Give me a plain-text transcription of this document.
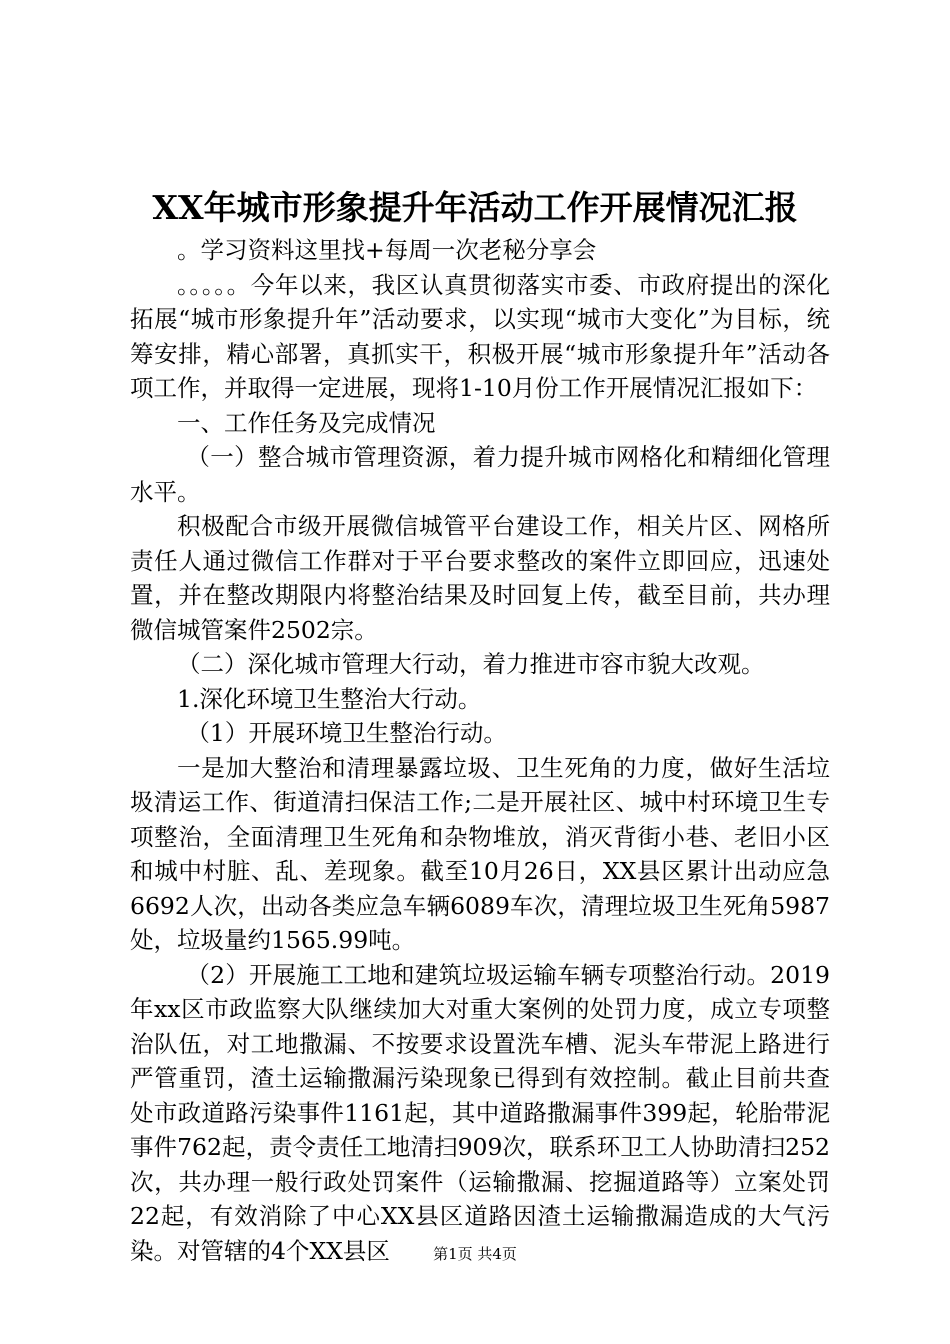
XX年城市形象提升年活动工作开展情况汇报

。学习资料这里找+每周一次老秘分享会

。。。。。今年以来，我区认真贯彻落实市委、市政府提出的深化拓展“城市形象提升年”活动要求，以实现“城市大变化”为目标，统筹安排，精心部署，真抓实干，积极开展“城市形象提升年”活动各项工作，并取得一定进展，现将1-10月份工作开展情况汇报如下：

一、工作任务及完成情况

（一）整合城市管理资源，着力提升城市网格化和精细化管理水平。

积极配合市级开展微信城管平台建设工作，相关片区、网格所责任人通过微信工作群对于平台要求整改的案件立即回应，迅速处置，并在整改期限内将整治结果及时回复上传，截至目前，共办理微信城管案件2502宗。

（二）深化城市管理大行动，着力推进市容市貌大改观。

1.深化环境卫生整治大行动。

（1）开展环境卫生整治行动。

一是加大整治和清理暴露垃圾、卫生死角的力度，做好生活垃圾清运工作、街道清扫保洁工作;二是开展社区、城中村环境卫生专项整治，全面清理卫生死角和杂物堆放，消灭背街小巷、老旧小区和城中村脏、乱、差现象。截至10月26日，XX县区累计出动应急6692人次，出动各类应急车辆6089车次，清理垃圾卫生死角5987处，垃圾量约1565.99吨。

（2）开展施工工地和建筑垃圾运输车辆专项整治行动。2019年xx区市政监察大队继续加大对重大案例的处罚力度，成立专项整治队伍，对工地撒漏、不按要求设置洗车槽、泥头车带泥上路进行严管重罚，渣土运输撒漏污染现象已得到有效控制。截止目前共查处市政道路污染事件1161起，其中道路撒漏事件399起，轮胎带泥事件762起，责令责任工地清扫909次，联系环卫工人协助清扫252次，共办理一般行政处罚案件（运输撒漏、挖掘道路等）立案处罚22起，有效消除了中心XX县区道路因渣土运输撒漏造成的大气污染。对管辖的4个XX县区	第1页 共4页
